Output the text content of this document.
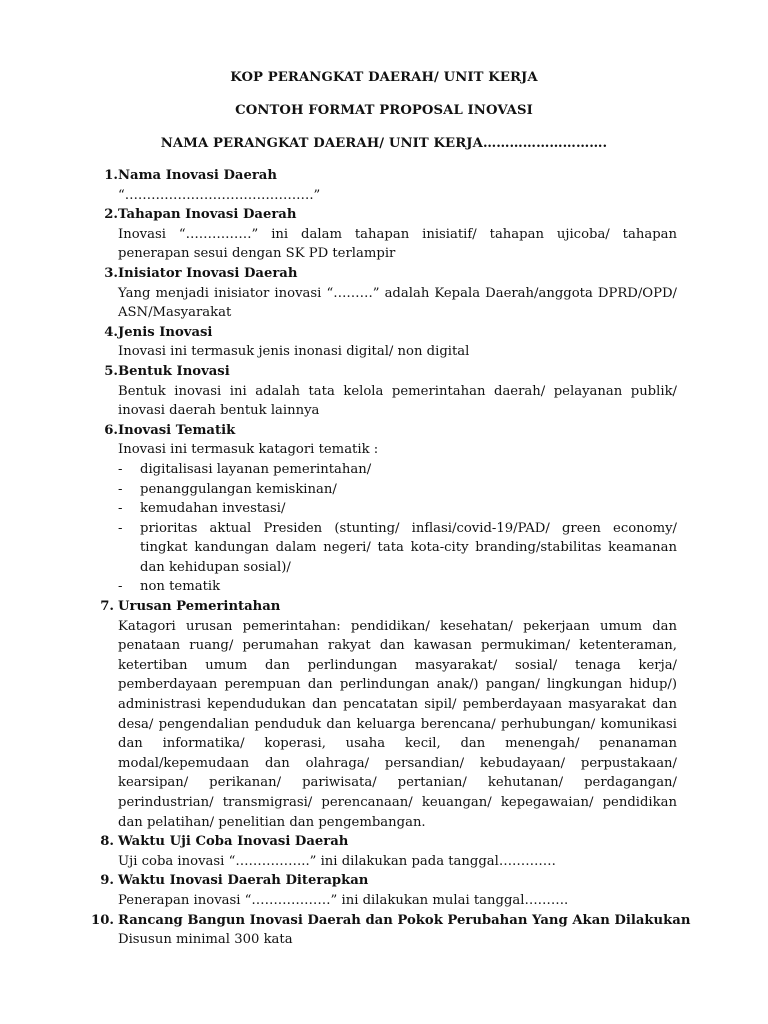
KOP PERANGKAT DAERAH/ UNIT KERJA
CONTOH FORMAT PROPOSAL INOVASI
NAMA PERANGKAT DAERAH/ UNIT KERJA……………………….
1. Nama Inovasi Daerah
“…………………………………….”
2. Tahapan Inovasi Daerah
Inovasi “……………” ini dalam tahapan inisiatif/ tahapan ujicoba/ tahapan penerapan sesui dengan SK PD terlampir
3. Inisiator Inovasi Daerah
Yang menjadi inisiator inovasi “………” adalah Kepala Daerah/anggota DPRD/OPD/ ASN/Masyarakat
4. Jenis Inovasi
Inovasi ini termasuk jenis inonasi digital/ non digital
5. Bentuk Inovasi
Bentuk inovasi ini adalah tata kelola pemerintahan daerah/ pelayanan publik/ inovasi daerah bentuk lainnya
6. Inovasi Tematik
Inovasi ini termasuk katagori tematik :
- digitalisasi layanan pemerintahan/
- penanggulangan kemiskinan/
- kemudahan investasi/
- prioritas aktual Presiden (stunting/ inflasi/covid-19/PAD/ green economy/ tingkat kandungan dalam negeri/ tata kota-city branding/stabilitas keamanan dan kehidupan sosial)/
- non tematik
7. Urusan Pemerintahan
Katagori urusan pemerintahan: pendidikan/ kesehatan/ pekerjaan umum dan penataan ruang/ perumahan rakyat dan kawasan permukiman/ ketenteraman, ketertiban umum dan perlindungan masyarakat/ sosial/ tenaga kerja/ pemberdayaan perempuan dan perlindungan anak/) pangan/ lingkungan hidup/) administrasi kependudukan dan pencatatan sipil/ pemberdayaan masyarakat dan desa/ pengendalian penduduk dan keluarga berencana/ perhubungan/ komunikasi dan informatika/ koperasi, usaha kecil, dan menengah/ penanaman modal/kepemudaan dan olahraga/ persandian/ kebudayaan/ perpustakaan/ kearsipan/ perikanan/ pariwisata/ pertanian/ kehutanan/ perdagangan/ perindustrian/ transmigrasi/ perencanaan/ keuangan/ kepegawaian/ pendidikan dan pelatihan/ penelitian dan pengembangan.
8. Waktu Uji Coba Inovasi Daerah
Uji coba inovasi “……………..” ini dilakukan pada tanggal………….
9. Waktu Inovasi Daerah Diterapkan
Penerapan inovasi “………………” ini dilakukan mulai tanggal……….
10. Rancang Bangun Inovasi Daerah dan Pokok Perubahan Yang Akan Dilakukan
Disusun minimal 300 kata
